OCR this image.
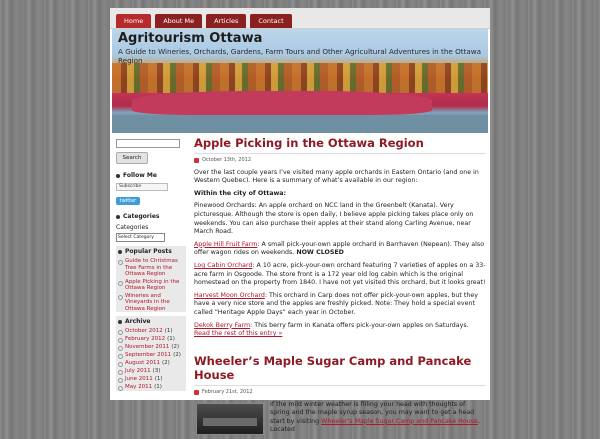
Home	About Me	Articles	Contact
Agritourism Ottawa
A Guide to Wineries, Orchards, Gardens, Farm Tours and Other Agricultural Adventures in the Ottawa Region
Search
Follow Me
Subscribe twitter
Categories
Categories
Select Category
Popular Posts
Guide to Christmas Tree Farms in the Ottawa Region
Apple Picking in the Ottawa Region
Wineries and Vineyards in the Ottawa Region
Archive
October 2012 (1)
February 2012 (1)
November 2011 (2)
September 2011 (2)
August 2011 (2)
July 2011 (3)
June 2011 (1)
May 2011 (1)
Apple Picking in the Ottawa Region
October 13th, 2012

Over the last couple years I’ve visited many apple orchards in Eastern Ontario (and one in Western Quebec). Here is a summary of what’s available in our region:

Within the city of Ottawa:

Pinewood Orchards: An apple orchard on NCC land in the Greenbelt (Kanata). Very picturesque. Although the store is open daily, I believe apple picking takes place only on weekends. You can also purchase their apples at their stand along Carling Avenue, near March Road.

Apple Hill Fruit Farm: A small pick-your-own apple orchard in Barrhaven (Nepean). They also offer wagon rides on weekends. NOW CLOSED

Log Cabin Orchard: A 10 acre, pick-your-own orchard featuring 7 varieties of apples on a 33-acre farm in Osgoode. The store front is a 172 year old log cabin which is the original homestead on the property from 1840. I have not yet visited this orchard, but it looks great!

Harvest Moon Orchard: This orchard in Carp does not offer pick-your-own apples, but they have a very nice store and the apples are freshly picked. Note: They hold a special event called “Heritage Apple Days” each year in October.

Dekok Berry Farm: This berry farm in Kanata offers pick-your-own apples on Saturdays. Read the rest of this entry »

Wheeler’s Maple Sugar Camp and Pancake House
February 21st, 2012

If the mild winter weather is filling your head with thoughts of spring and the maple syrup season, you may want to get a head start by visiting Wheeler’s Maple Sugar Camp and Pancake House. Located
